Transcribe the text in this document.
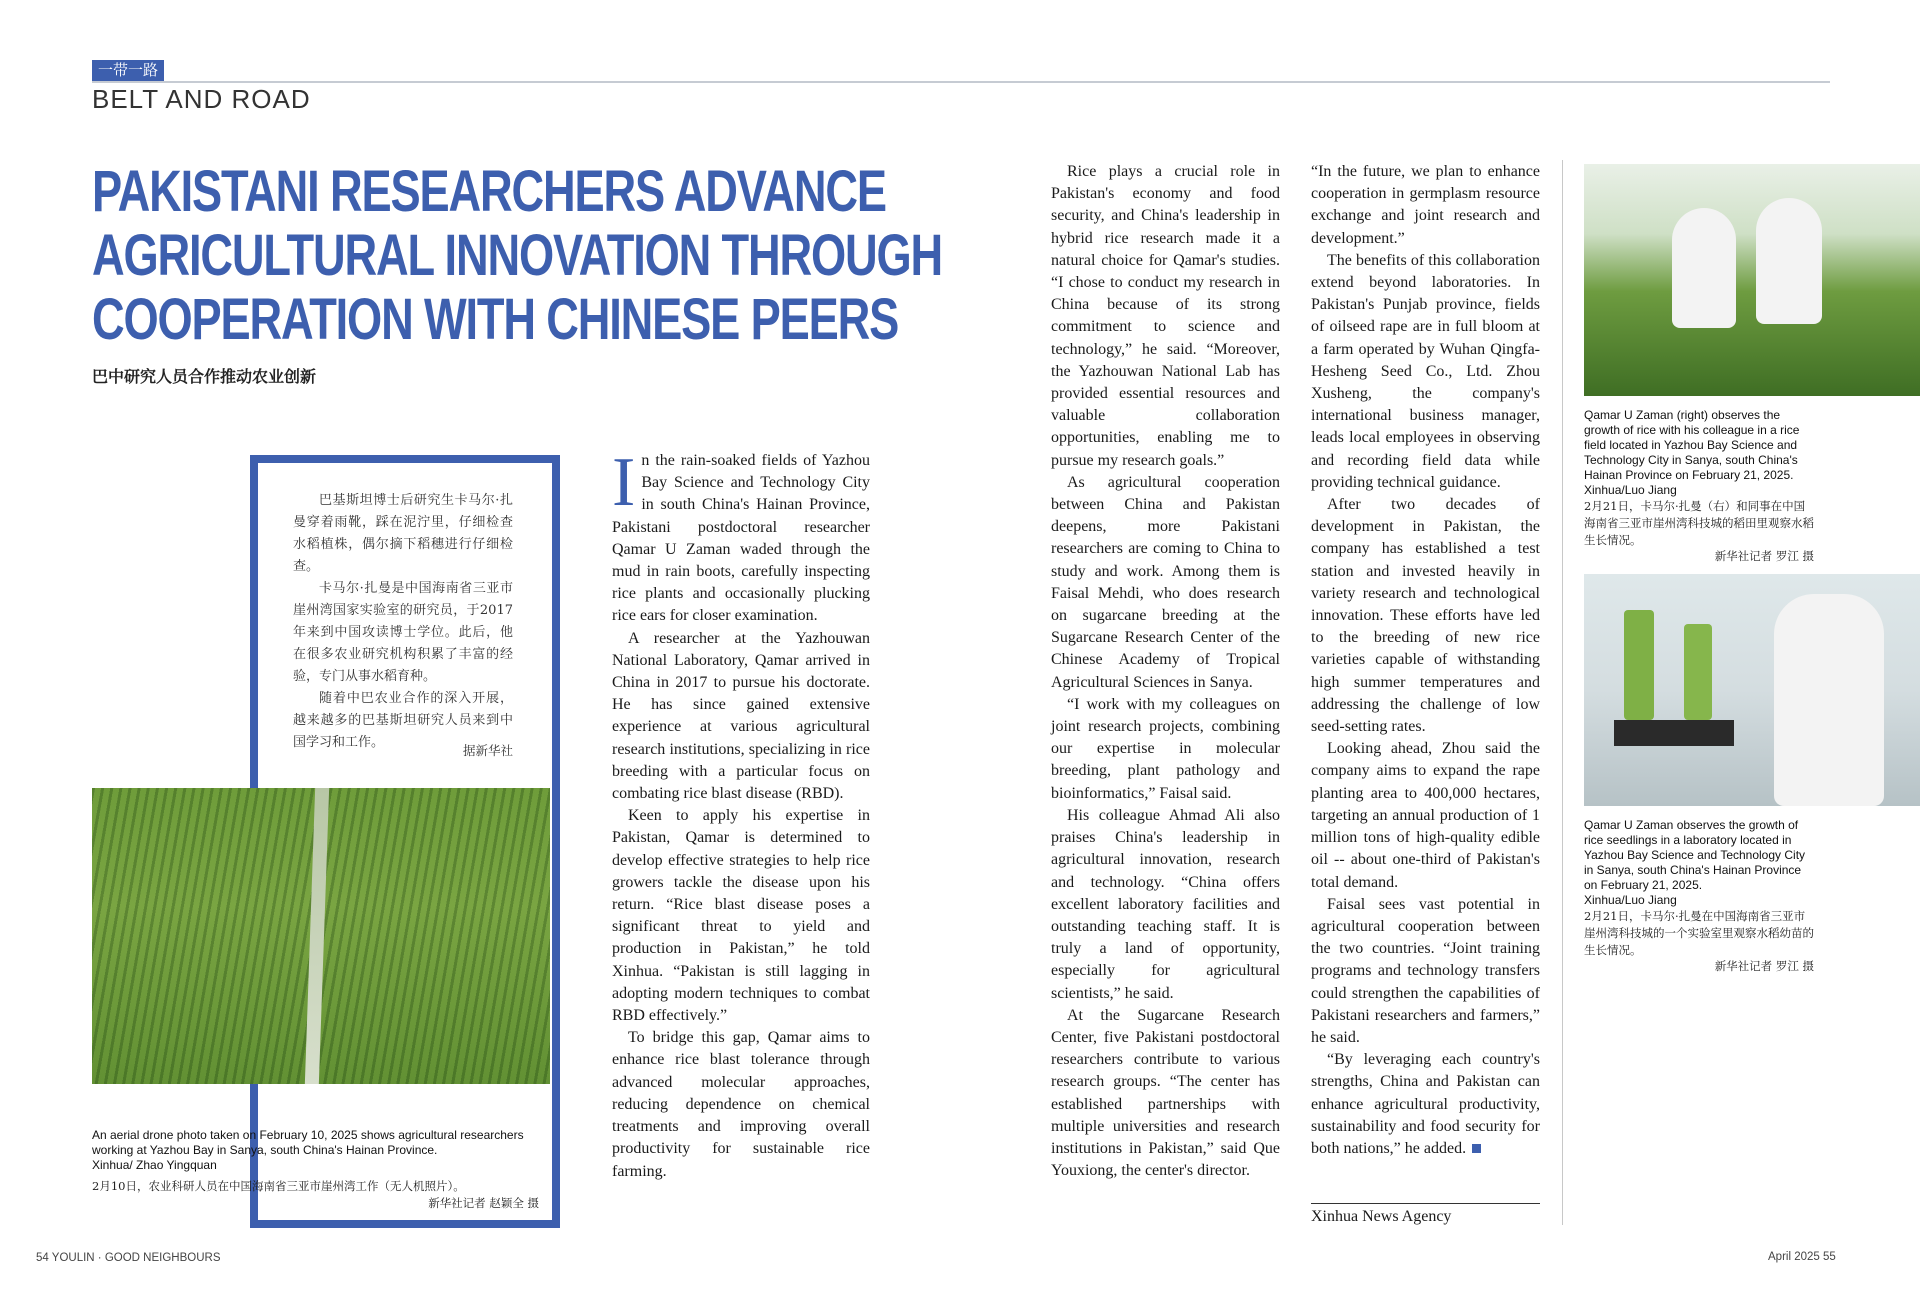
一带一路
BELT AND ROAD
PAKISTANI RESEARCHERS ADVANCE
AGRICULTURAL INNOVATION THROUGH
COOPERATION WITH CHINESE PEERS
巴中研究人员合作推动农业创新

巴基斯坦博士后研究生卡马尔·扎曼穿着雨靴，踩在泥泞里，仔细检查水稻植株，偶尔摘下稻穗进行仔细检查。

卡马尔·扎曼是中国海南省三亚市崖州湾国家实验室的研究员，于2017年来到中国攻读博士学位。此后，他在很多农业研究机构积累了丰富的经验，专门从事水稻育种。

随着中巴农业合作的深入开展，越来越多的巴基斯坦研究人员来到中国学习和工作。

据新华社
An aerial drone photo taken on February 10, 2025 shows agricultural researchers working at Yazhou Bay in Sanya, south China's Hainan Province.
Xinhua/ Zhao Yingquan
2月10日，农业科研人员在中国海南省三亚市崖州湾工作（无人机照片）。
新华社记者 赵颖全 摄

In the rain-soaked fields of Yazhou Bay Science and Technology City in south China's Hainan Province, Pakistani postdoctoral researcher Qamar U Zaman waded through the mud in rain boots, carefully inspecting rice plants and occasionally plucking rice ears for closer examination.

A researcher at the Yazhouwan National Laboratory, Qamar arrived in China in 2017 to pursue his doctorate. He has since gained extensive experience at various agricultural research institutions, specializing in rice breeding with a particular focus on combating rice blast disease (RBD).

Keen to apply his expertise in Pakistan, Qamar is determined to develop effective strategies to help rice growers tackle the disease upon his return. “Rice blast disease poses a significant threat to yield and production in Pakistan,” he told Xinhua. “Pakistan is still lagging in adopting modern techniques to combat RBD effectively.”

To bridge this gap, Qamar aims to enhance rice blast tolerance through advanced molecular approaches, reducing dependence on chemical treatments and improving overall productivity for sustainable rice farming.

Rice plays a crucial role in Pakistan's economy and food security, and China's leadership in hybrid rice research made it a natural choice for Qamar's studies. “I chose to conduct my research in China because of its strong commitment to science and technology,” he said. “Moreover, the Yazhouwan National Lab has provided essential resources and valuable collaboration opportunities, enabling me to pursue my research goals.”

As agricultural cooperation between China and Pakistan deepens, more Pakistani researchers are coming to China to study and work. Among them is Faisal Mehdi, who does research on sugarcane breeding at the Sugarcane Research Center of the Chinese Academy of Tropical Agricultural Sciences in Sanya.

“I work with my colleagues on joint research projects, combining our expertise in molecular breeding, plant pathology and bioinformatics,” Faisal said.

His colleague Ahmad Ali also praises China's leadership in agricultural innovation, research and technology. “China offers excellent laboratory facilities and outstanding teaching staff. It is truly a land of opportunity, especially for agricultural scientists,” he said.

At the Sugarcane Research Center, five Pakistani postdoctoral researchers contribute to various research groups. “The center has established partnerships with multiple universities and research institutions in Pakistan,” said Que Youxiong, the center's director.

“In the future, we plan to enhance cooperation in germplasm resource exchange and joint research and development.”

The benefits of this collaboration extend beyond laboratories. In Pakistan's Punjab province, fields of oilseed rape are in full bloom at a farm operated by Wuhan Qingfa-Hesheng Seed Co., Ltd. Zhou Xusheng, the company's international business manager, leads local employees in observing and recording field data while providing technical guidance.

After two decades of development in Pakistan, the company has established a test station and invested heavily in variety research and technological innovation. These efforts have led to the breeding of new rice varieties capable of withstanding high summer temperatures and addressing the challenge of low seed-setting rates.

Looking ahead, Zhou said the company aims to expand the rape planting area to 400,000 hectares, targeting an annual production of 1 million tons of high-quality edible oil -- about one-third of Pakistan's total demand.

Faisal sees vast potential in agricultural cooperation between the two countries. “Joint training programs and technology transfers could strengthen the capabilities of Pakistani researchers and farmers,” he said.

“By leveraging each country's strengths, China and Pakistan can enhance agricultural productivity, sustainability and food security for both nations,” he added.

Xinhua News Agency
Qamar U Zaman (right) observes the growth of rice with his colleague in a rice field located in Yazhou Bay Science and Technology City in Sanya, south China's Hainan Province on February 21, 2025.
Xinhua/Luo Jiang
2月21日，卡马尔·扎曼（右）和同事在中国海南省三亚市崖州湾科技城的稻田里观察水稻生长情况。
新华社记者 罗江 摄
Qamar U Zaman observes the growth of rice seedlings in a laboratory located in Yazhou Bay Science and Technology City in Sanya, south China's Hainan Province on February 21, 2025.
Xinhua/Luo Jiang
2月21日，卡马尔·扎曼在中国海南省三亚市崖州湾科技城的一个实验室里观察水稻幼苗的生长情况。
新华社记者 罗江 摄
54 YOULIN · GOOD NEIGHBOURS	April 2025 55
